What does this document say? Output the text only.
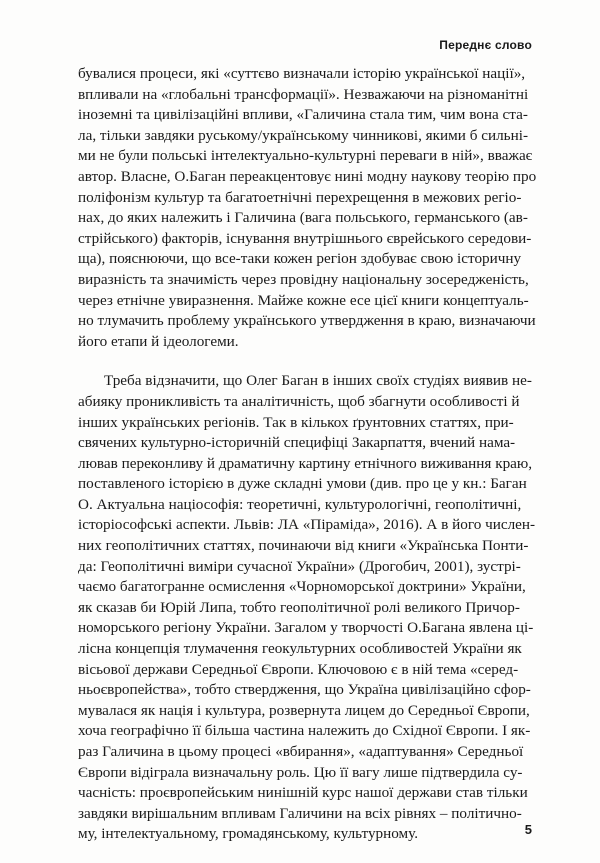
Переднє слово
бувалися процеси, які «суттєво визначали історію української нації»,
впливали на «глобальні трансформації». Незважаючи на різноманітні
іноземні та цивілізаційні впливи, «Галичина стала тим, чим вона ста-
ла, тільки завдяки руському/українському чинникові, якими б сильні-
ми не були польські інтелектуально-культурні переваги в ній», вважає
автор. Власне, О.Баган переакцентовує нині модну наукову теорію про
поліфонізм культур та багатоетнічні перехрещення в межових регіо-
нах, до яких належить і Галичина (вага польського, германського (ав-
стрійського) факторів, існування внутрішнього єврейського середови-
ща), пояснюючи, що все-таки кожен регіон здобуває свою історичну
виразність та значимість через провідну національну зосередженість,
через етнічне увиразнення. Майже кожне есе цієї книги концептуаль-
но тлумачить проблему українського утвердження в краю, визначаючи
його етапи й ідеологеми.
Треба відзначити, що Олег Баган в інших своїх студіях виявив не-
абияку проникливість та аналітичність, щоб збагнути особливості й
інших українських регіонів. Так в кількох ґрунтовних статтях, при-
свячених культурно-історичній специфіці Закарпаття, вчений нама-
лював переконливу й драматичну картину етнічного виживання краю,
поставленого історією в дуже складні умови (див. про це у кн.: Баган
О. Актуальна націософія: теоретичні, культурологічні, геополітичні,
історіософські аспекти. Львів: ЛА «Піраміда», 2016). А в його числен-
них геополітичних статтях, починаючи від книги «Українська Понти-
да: Геополітичні виміри сучасної України» (Дрогобич, 2001), зустрі-
чаємо багатогранне осмислення «Чорноморської доктрини» України,
як сказав би Юрій Липа, тобто геополітичної ролі великого Причор-
номорського регіону України. Загалом у творчості О.Багана явлена ці-
лісна концепція тлумачення геокультурних особливостей України як
вісьової держави Середньої Європи. Ключовою є в ній тема «серед-
ньоєвропейства», тобто ствердження, що Україна цивілізаційно сфор-
мувалася як нація і культура, розвернута лицем до Середньої Європи,
хоча географічно її більша частина належить до Східної Європи. І як-
раз Галичина в цьому процесі «вбирання», «адаптування» Середньої
Європи відіграла визначальну роль. Цю її вагу лише підтвердила су-
часність: проєвропейським нинішній курс нашої держави став тільки
завдяки вирішальним впливам Галичини на всіх рівнях – політично-
му, інтелектуальному, громадянському, культурному.	5
